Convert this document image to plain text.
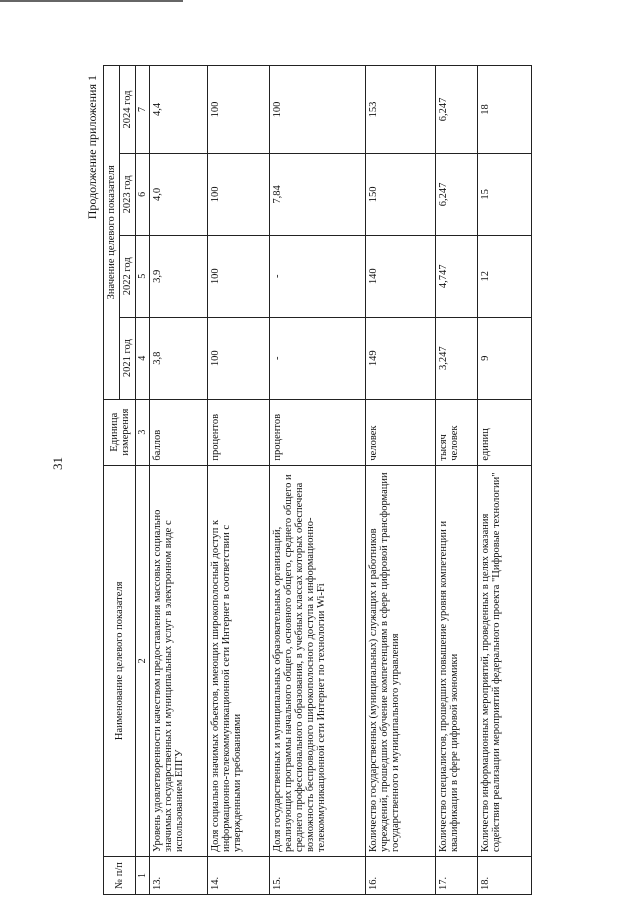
31
Продолжение приложения 1
№ п/п	Наименование целевого показателя	Единица измерения	Значение целевого показателя			
			2021 год	2022 год	2023 год	2024 год
1	2	3	4	5	6	7
13.	Уровень удовлетворенности качеством предоставления массовых социально значимых государственных и муниципальных услуг в электронном виде с использованием ЕПГУ	баллов	3,8	3,9	4,0	4,4
14.	Доля социально значимых объектов, имеющих широкополосный доступ к информационно-телекоммуникационной сети Интернет в соответствии с утвержденными требованиями	процентов	100	100	100	100
15.	Доля государственных и муниципальных образовательных организаций, реализующих программы начального общего, основного общего, среднего общего и среднего профессионального образования, в учебных классах которых обеспечена возможность беспроводного широкополосного доступа к информационно-телекоммуникационной сети Интернет по технологии Wi-Fi	процентов	-	-	7,84	100
16.	Количество государственных (муниципальных) служащих и работников учреждений, прошедших обучение компетенциям в сфере цифровой трансформации государственного и муниципального управления	человек	149	140	150	153
17.	Количество специалистов, прошедших повышение уровня компетенции и квалификации в сфере цифровой экономики	тысяч человек	3,247	4,747	6,247	6,247
18.	Количество информационных мероприятий, проведенных в целях оказания содействия реализации мероприятий федерального проекта "Цифровые технологии"	единиц	9	12	15	18
